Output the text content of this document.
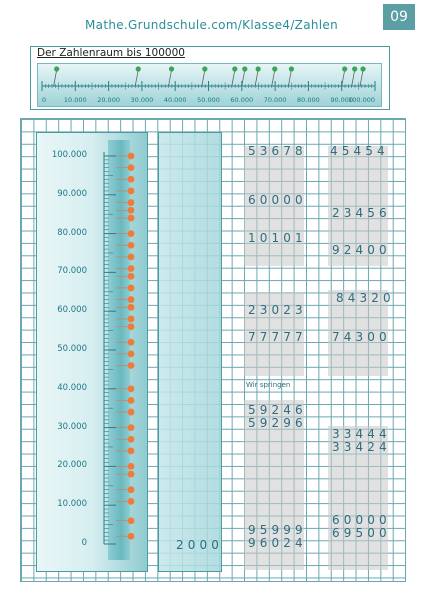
Mathe.Grundschule.com/Klasse4/Zahlen	09
Der Zahlenraum bis 100000
0	10.000 20.000 30.000 40.000 50.000 60.000 70.000 80.000 90.000
100.000
100.000
90.000
80.000
70.000
60.000
50.000
40.000
30.000
20.000
10.000
0	2000
53678
60000
10101
23023
77777
Wir springen
59246
59296
95999
96024
45454
23456
92400
84320
74300
33444
33424
60000
69500
